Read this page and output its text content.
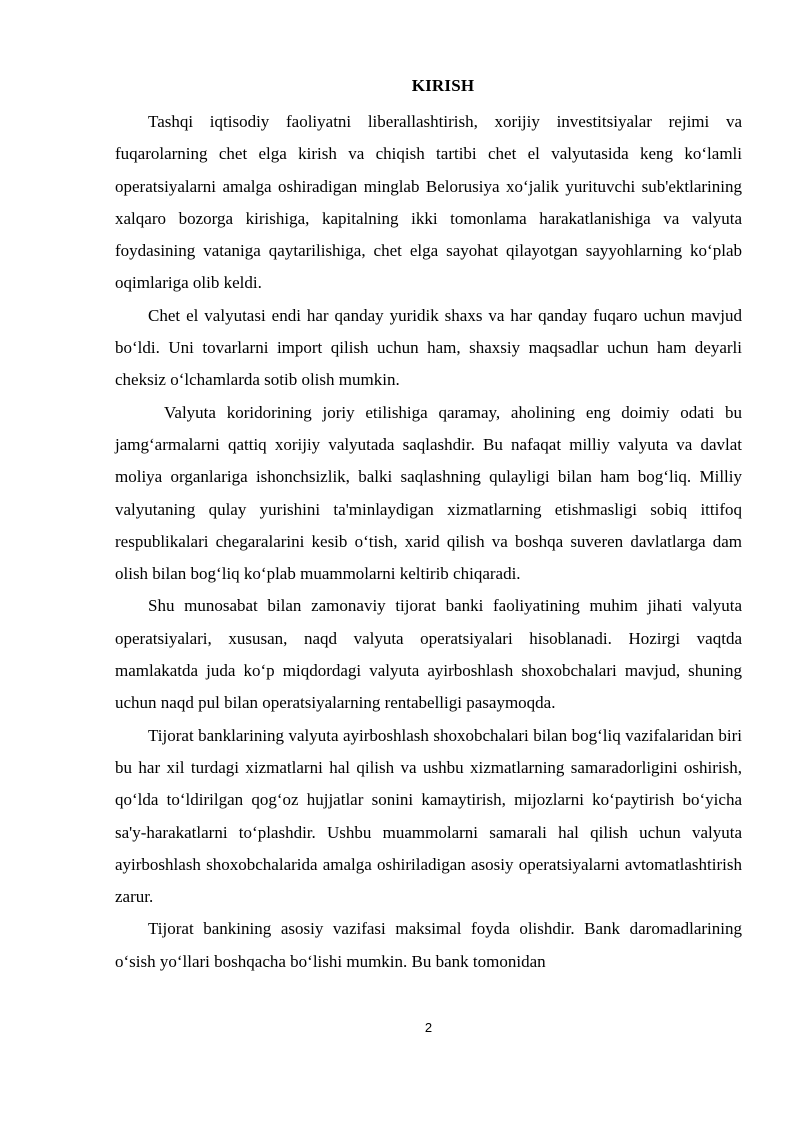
KIRISH

Tashqi iqtisodiy faoliyatni liberallashtirish, xorijiy investitsiyalar rejimi va fuqarolarning chet elga kirish va chiqish tartibi chet el valyutasida keng ko‘lamli operatsiyalarni amalga oshiradigan minglab Belorusiya xo‘jalik yurituvchi sub'ektlarining xalqaro bozorga kirishiga, kapitalning ikki tomonlama harakatlanishiga va valyuta foydasining vataniga qaytarilishiga, chet elga sayohat qilayotgan sayyohlarning ko‘plab oqimlariga olib keldi.

Chet el valyutasi endi har qanday yuridik shaxs va har qanday fuqaro uchun mavjud bo‘ldi. Uni tovarlarni import qilish uchun ham, shaxsiy maqsadlar uchun ham deyarli cheksiz o‘lchamlarda sotib olish mumkin.

Valyuta koridorining joriy etilishiga qaramay, aholining eng doimiy odati bu jamg‘armalarni qattiq xorijiy valyutada saqlashdir. Bu nafaqat milliy valyuta va davlat moliya organlariga ishonchsizlik, balki saqlashning qulayligi bilan ham bog‘liq. Milliy valyutaning qulay yurishini ta'minlaydigan xizmatlarning etishmasligi sobiq ittifoq respublikalari chegaralarini kesib o‘tish, xarid qilish va boshqa suveren davlatlarga dam olish bilan bog‘liq ko‘plab muammolarni keltirib chiqaradi.

Shu munosabat bilan zamonaviy tijorat banki faoliyatining muhim jihati valyuta operatsiyalari, xususan, naqd valyuta operatsiyalari hisoblanadi. Hozirgi vaqtda mamlakatda juda ko‘p miqdordagi valyuta ayirboshlash shoxobchalari mavjud, shuning uchun naqd pul bilan operatsiyalarning rentabelligi pasaymoqda.

Tijorat banklarining valyuta ayirboshlash shoxobchalari bilan bog‘liq vazifalaridan biri bu har xil turdagi xizmatlarni hal qilish va ushbu xizmatlarning samaradorligini oshirish, qo‘lda to‘ldirilgan qog‘oz hujjatlar sonini kamaytirish, mijozlarni ko‘paytirish bo‘yicha sa'y-harakatlarni to‘plashdir. Ushbu muammolarni samarali hal qilish uchun valyuta ayirboshlash shoxobchalarida amalga oshiriladigan asosiy operatsiyalarni avtomatlashtirish zarur.

Tijorat bankining asosiy vazifasi maksimal foyda olishdir. Bank daromadlarining o‘sish yo‘llari boshqacha bo‘lishi mumkin. Bu bank tomonidan

2
